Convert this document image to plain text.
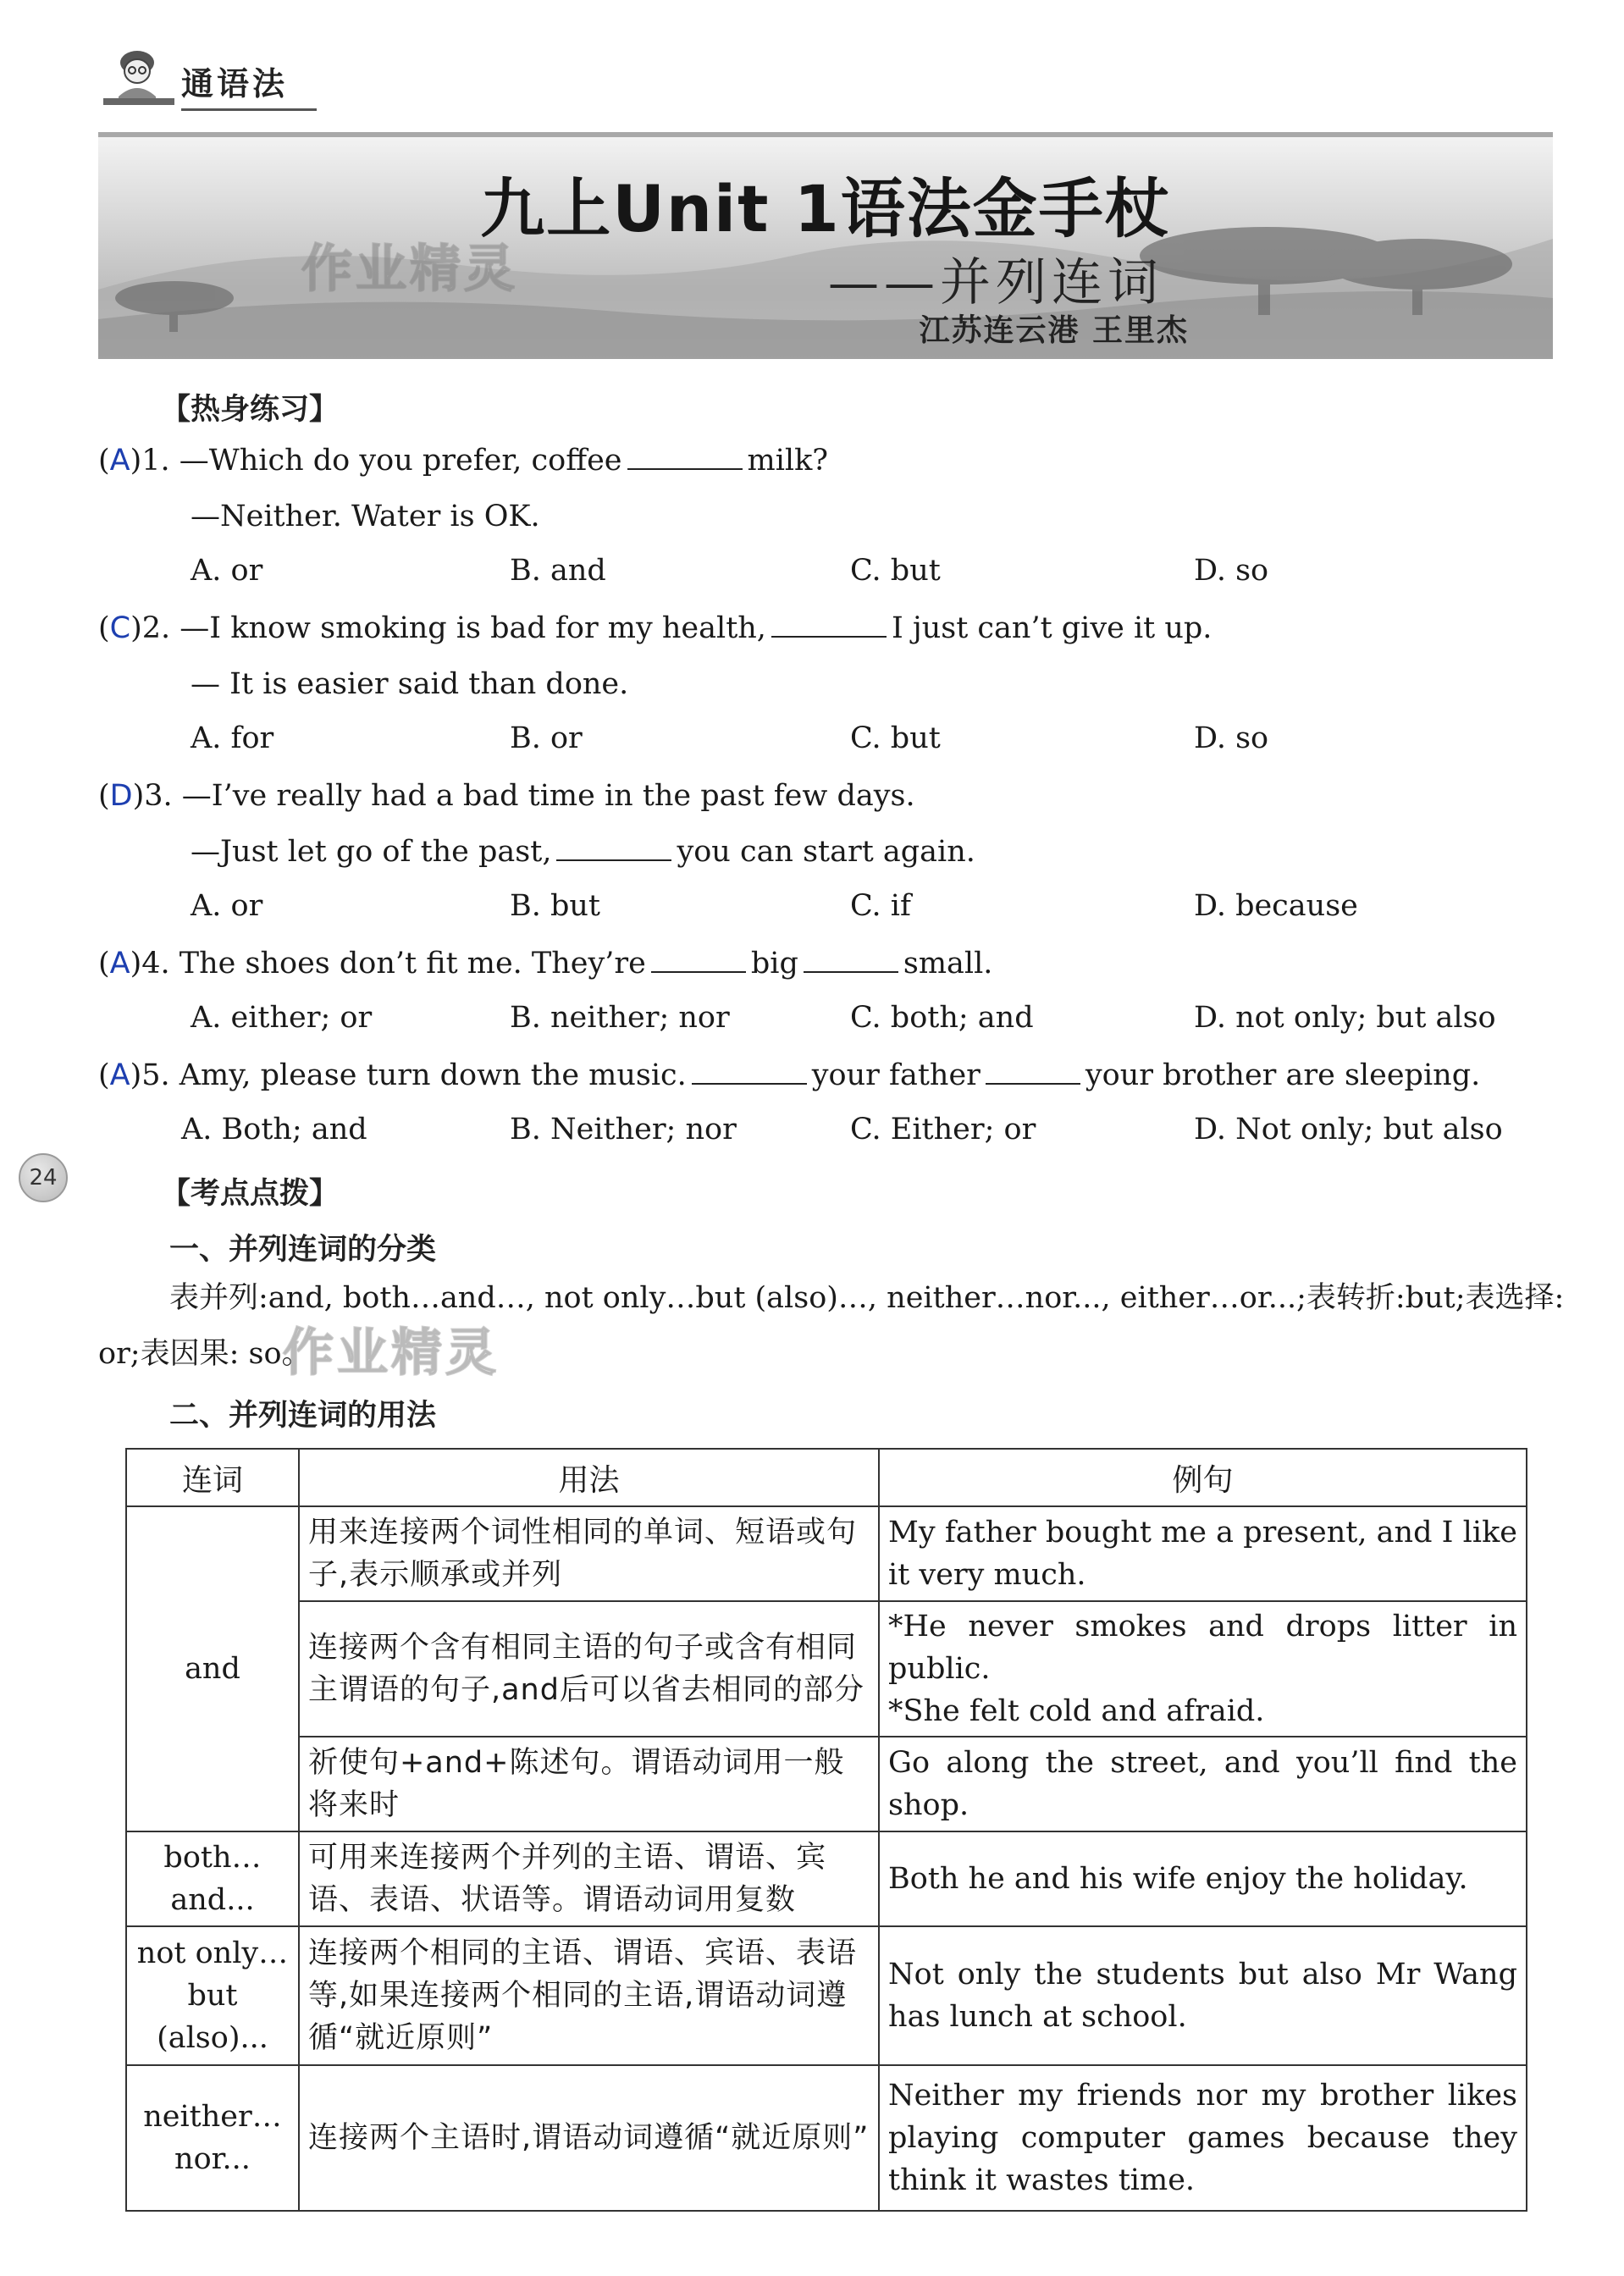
通语法
九上Unit 1语法金手杖
——并列连词
江苏连云港 王里杰
作业精灵
【热身练习】
(A)1. —Which do you prefer, coffee	milk?
—Neither. Water is OK.
A. or	B. and	C. but	D. so
(C)2. —I know smoking is bad for my health,	I just can’t give it up.
— It is easier said than done.
A. for	B. or	C. but	D. so
(D)3. —I’ve really had a bad time in the past few days.
—Just let go of the past,	you can start again.
A. or	B. but	C. if	D. because
(A)4. The shoes don’t fit me. They’re	big	small.
A. either; or	B. neither; nor	C. both; and	D. not only; but also
(A)5. Amy, please turn down the music.	your father	your brother are sleeping.
A. Both; and	B. Neither; nor	C. Either; or	D. Not only; but also
24	【考点点拨】
一、并列连词的分类
表并列:and, both…and…, not only…but (also)…, neither…nor..., either…or...;表转折:but;表选择:
or;表因果: so。
作业精灵
二、并列连词的用法
连词	用法	例句
and	用来连接两个词性相同的单词、短语或句子,表示顺承或并列	My father bought me a present, and I like it very much.

	连接两个含有相同主语的句子或含有相同主谓语的句子,and后可以省去相同的部分	*He never smokes and drops litter in public.
*She felt cold and afraid.

	祈使句+and+陈述句。谓语动词用一般将来时	Go along the street, and you’ll find the shop.

both… and...	可用来连接两个并列的主语、谓语、宾语、表语、状语等。谓语动词用复数	Both he and his wife enjoy the holiday.

not only… but (also)...	连接两个相同的主语、谓语、宾语、表语等,如果连接两个相同的主语,谓语动词遵循“就近原则”	Not only the students but also Mr Wang has lunch at school.

neither… nor...	连接两个主语时,谓语动词遵循“就近原则”	Neither my friends nor my brother likes playing computer games because they think it wastes time.
